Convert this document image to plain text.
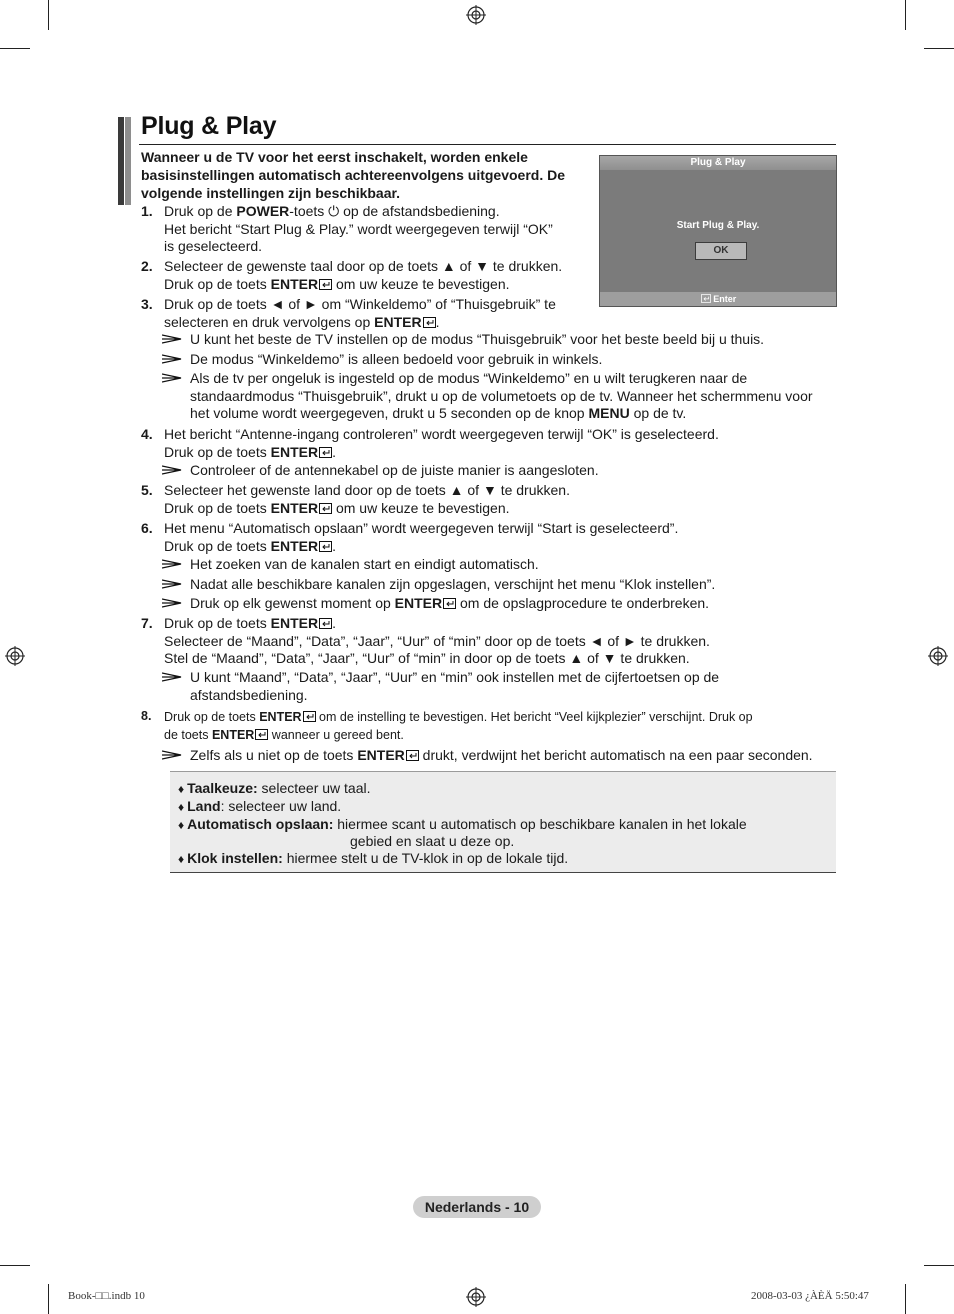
Plug & Play

Wanneer u de TV voor het eerst inschakelt, worden enkele basisinstellingen automatisch achtereenvolgens uitgevoerd. De volgende instellingen zijn beschikbaar.

Plug & Play
Start Plug & Play.
OK
Enter
1. Druk op de POWER-toets ⏻ op de afstandsbediening.

Het bericht “Start Plug & Play.” wordt weergegeven terwijl “OK”

is geselecteerd.

2. Selecteer de gewenste taal door op de toets ▲ of ▼ te drukken.

Druk op de toets ENTER om uw keuze te bevestigen.

3. Druk op de toets ◄ of ► om “Winkeldemo” of “Thuisgebruik” te

selecteren en druk vervolgens op ENTER .

4. Het bericht “Antenne-ingang controleren” wordt weergegeven terwijl “OK” is geselecteerd.

Druk op de toets ENTER .

5. Selecteer het gewenste land door op de toets ▲ of ▼ te drukken.

Druk op de toets ENTER om uw keuze te bevestigen.

6. Het menu “Automatisch opslaan” wordt weergegeven terwijl “Start is geselecteerd”.

Druk op de toets ENTER .

7. Druk op de toets ENTER .

Selecteer de “Maand”, “Data”, “Jaar”, “Uur” of “min” door op de toets ◄ of ► te drukken.

Stel de “Maand”, “Data”, “Jaar”, “Uur” of “min” in door op de toets ▲ of ▼ te drukken.

8.	Druk op de toets ENTER om de instelling te bevestigen. Het bericht “Veel kijkplezier” verschijnt. Druk op

de toets ENTER wanneer u gereed bent.

U kunt het beste de TV instellen op de modus “Thuisgebruik” voor het beste beeld bij u thuis.

De modus “Winkeldemo” is alleen bedoeld voor gebruik in winkels.

Als de tv per ongeluk is ingesteld op de modus “Winkeldemo” en u wilt terugkeren naar de

standaardmodus “Thuisgebruik”, drukt u op de volumetoets op de tv. Wanneer het schermmenu voor

het volume wordt weergegeven, drukt u 5 seconden op de knop MENU op de tv.

Controleer of de antennekabel op de juiste manier is aangesloten.

Het zoeken van de kanalen start en eindigt automatisch.

Nadat alle beschikbare kanalen zijn opgeslagen, verschijnt het menu “Klok instellen”.

Druk op elk gewenst moment op ENTER om de opslagprocedure te onderbreken.

U kunt “Maand”, “Data”, “Jaar”, “Uur” en “min” ook instellen met de cijfertoetsen op de

afstandsbediening.

Zelfs als u niet op de toets ENTER drukt, verdwijnt het bericht automatisch na een paar seconden.

♦ Taalkeuze: selecteer uw taal.
♦ Land: selecteer uw land.
♦ Automatisch opslaan: hiermee scant u automatisch op beschikbare kanalen in het lokale
gebied en slaat u deze op.
♦ Klok instellen: hiermee stelt u de TV-klok in op de lokale tijd.
Nederlands - 10
Book-□□.indb 10	2008-03-03 ¿ÀÈÄ 5:50:47
